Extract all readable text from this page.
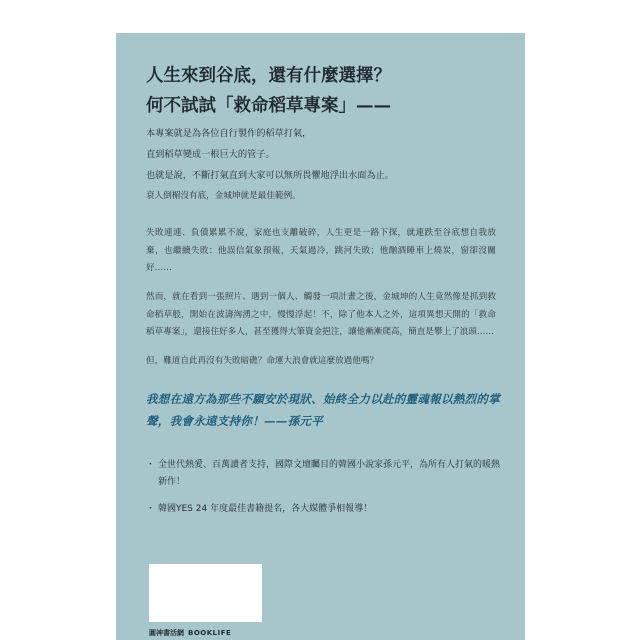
人生來到谷底，還有什麼選擇？
何不試試「救命稻草專案」——
本專案就是為各位自行製作的稻草打氣，
直到稻草變成一根巨大的管子。
也就是說，不斷打氣直到大家可以無所畏懼地浮出水面為止。
衰人倒楣沒有底，金城坤就是最佳範例。
失敗連連、負債累累不說，家庭也支離破碎，人生更是一路下探，就連跌至谷底想自我放棄，也繼續失敗：他誤信氣象預報，天氣過冷，跳河失敗；他酗酒睡車上燒炭，窗卻沒關好……
然而，就在看到一張照片、遇到一個人、觸發一項計畫之後，金城坤的人生竟然像是抓到救命稻草般，開始在波濤洶湧之中，慢慢浮起！不，除了他本人之外，這項異想天開的「救命稻草專案」，還接住好多人，甚至獲得大筆資金挹注，讓他漸漸爬高，簡直是攀上了浪頭……
但，難道自此再沒有失敗暗礁？命運大浪會就這麼放過他嗎？
我想在遠方為那些不願安於現狀、始終全力以赴的靈魂報以熱烈的掌聲，我會永遠支持你！——孫元平
・ 全世代熱愛、百萬讀者支持，國際文壇矚目的韓國小說家孫元平，為所有人打氣的暖熱新作！
・ 韓國YES 24 年度最佳書籍提名，各大媒體爭相報導！
圓神書活網 BOOKLIFE
